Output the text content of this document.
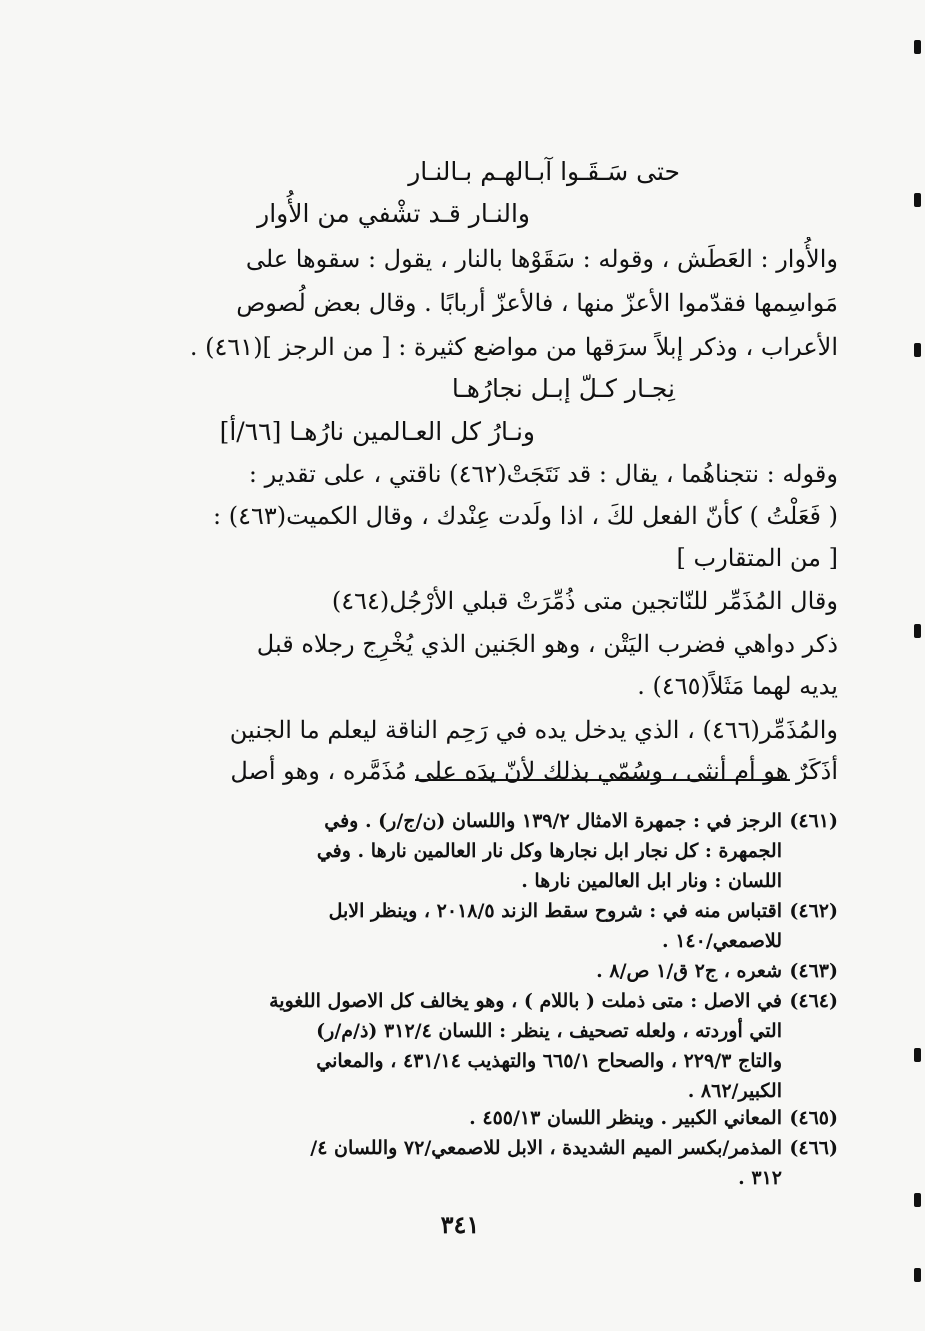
حتى سَـقَـوا آبـالهـم بـالنـار
والنـار قـد تشْفي من الأُوار
والأُوار : العَطَش ، وقوله : سَقَوْها بالنار ، يقول : سقوها على
مَواسِمها فقدّموا الأعزّ منها ، فالأعزّ أربابًا . وقال بعض لُصوص
الأعراب ، وذكر إبلاً سرَقها من مواضع كثيرة : [ من الرجز ](٤٦١) .
نِجـار كـلّ إبـل نجارُهـا
ونـارُ كل العـالمين نارُهـا [٦٦/أ]
وقوله : نتجناهُما ، يقال : قد نَتَجَتْ(٤٦٢) ناقتي ، على تقدير :
( فَعَلْتُ ) كأنّ الفعل لكَ ، اذا ولَدت عِنْدك ، وقال الكميت(٤٦٣) :
[ من المتقارب ]
وقال المُذَمِّر للنّاتجين متى ذُمِّرَتْ قبلي الأرْجُل(٤٦٤)
ذكر دواهي فضرب اليَتْن ، وهو الجَنين الذي يُخْرِج رجلاه قبل
يديه لهما مَثَلاً(٤٦٥) .
والمُذَمِّر(٤٦٦) ، الذي يدخل يده في رَحِم الناقة ليعلم ما الجنين
أذَكَرٌ هو أم أنثى ، وسُمّي بذلك لأنّ يدَه على مُذَمَّره ، وهو أصل
(٤٦١)الرجز في : جمهرة الامثال ١٣٩/٢ واللسان (ن/ج/ر) . وفي
الجمهرة : كل نجار ابل نجارها وكل نار العالمين نارها . وفي
اللسان : ونار ابل العالمين نارها .
(٤٦٢)اقتباس منه في : شروح سقط الزند ٢٠١٨/٥ ، وينظر الابل
للاصمعي/١٤٠ .
(٤٦٣)شعره ، ج٢ ق/١ ص/٨ .
(٤٦٤)في الاصل : متى ذملت ( باللام ) ، وهو يخالف كل الاصول اللغوية
التي أوردته ، ولعله تصحيف ، ينظر : اللسان ٣١٢/٤ (ذ/م/ر)
والتاج ٢٢٩/٣ ، والصحاح ٦٦٥/١ والتهذيب ٤٣١/١٤ ، والمعاني
الكبير/٨٦٢ .
(٤٦٥)المعاني الكبير . وينظر اللسان ٤٥٥/١٣ .
(٤٦٦)المذمر/بكسر الميم الشديدة ، الابل للاصمعي/٧٢ واللسان ٤/
٣١٢ .
٣٤١
